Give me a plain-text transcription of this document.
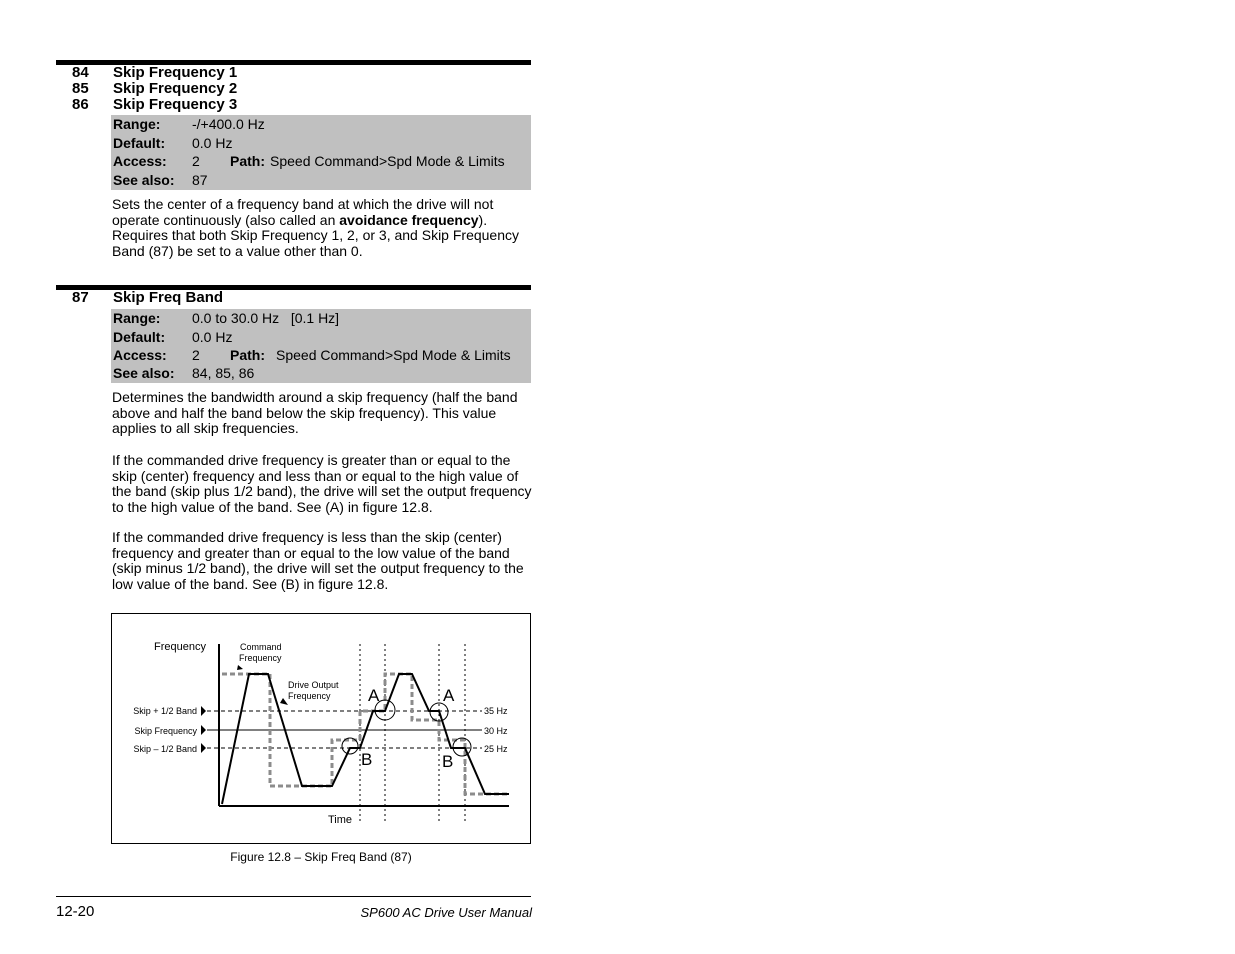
84	Skip Frequency 1
85	Skip Frequency 2
86	Skip Frequency 3
Range: -/+400.0 Hz
Default: 0.0 Hz
Access: 2 Path: Speed Command>Spd Mode & Limits
See also: 87
Sets the center of a frequency band at which the drive will not operate continuously (also called an avoidance frequency). Requires that both Skip Frequency 1, 2, or 3, and Skip Frequency Band (87) be set to a value other than 0.
87	Skip Freq Band
Range: 0.0 to 30.0 Hz   [0.1 Hz]
Default: 0.0 Hz
Access: 2 Path: Speed Command>Spd Mode & Limits
See also: 84, 85, 86
Determines the bandwidth around a skip frequency (half the band above and half the band below the skip frequency). This value applies to all skip frequencies.
If the commanded drive frequency is greater than or equal to the skip (center) frequency and less than or equal to the high value of the band (skip plus 1/2 band), the drive will set the output frequency to the high value of the band. See (A) in figure 12.8.
If the commanded drive frequency is less than the skip (center) frequency and greater than or equal to the low value of the band (skip minus 1/2 band), the drive will set the output frequency to the low value of the band. See (B) in figure 12.8.
Frequency
Time
Command
Frequency
Drive Output
Frequency
Skip + 1/2 Band
Skip Frequency
Skip – 1/2 Band
35 Hz
30 Hz
25 Hz
A	A
B	B
Figure 12.8 – Skip Freq Band (87)
12-20	SP600 AC Drive User Manual
